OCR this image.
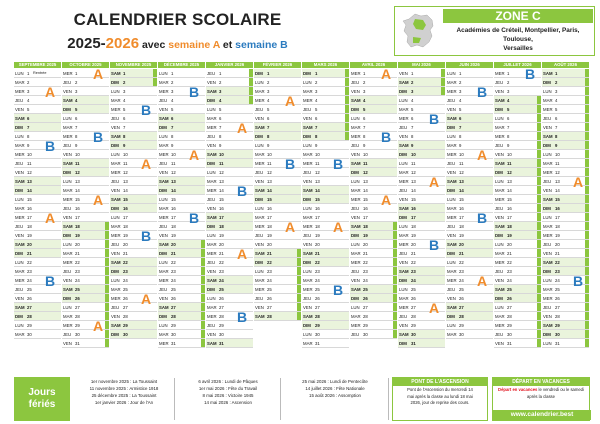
CALENDRIER SCOLAIRE
2025-2026 avec semaine A et semaine B
ZONE C
Académies de Créteil, Montpellier, Paris, Toulouse,
Versailles
SEPTEMBRE 2025
LUN 1 Rentrée
MAR 2
MER 3
JEU 4
VEN 5
SAM 6
DIM 7
LUN 8
MAR 9
MER 10
JEU 11
VEN 12
SAM 13
DIM 14
LUN 15
MAR 16
MER 17
JEU 18
VEN 19
SAM 20
DIM 21
LUN 22
MAR 23
MER 24
JEU 25
VEN 26
SAM 27
DIM 28
LUN 29
MAR 30
A
B
A
B
OCTOBRE 2025
MER 1
JEU 2
VEN 3
SAM 4
DIM 5
LUN 6
MAR 7
MER 8
JEU 9
VEN 10
SAM 11
DIM 12
LUN 13
MAR 14
MER 15
JEU 16
VEN 17
SAM 18
DIM 19
LUN 20
MAR 21
MER 22
JEU 23
VEN 24
SAM 25
DIM 26
LUN 27
MAR 28
MER 29
JEU 30
VEN 31
A
B
A
A
NOVEMBRE 2025
SAM 1
DIM 2
LUN 3
MAR 4
MER 5
JEU 6
VEN 7
SAM 8
DIM 9
LUN 10
MAR 11
MER 12
JEU 13
VEN 14
SAM 15
DIM 16
LUN 17
MAR 18
MER 19
JEU 20
VEN 21
SAM 22
DIM 23
LUN 24
MAR 25
MER 26
JEU 27
VEN 28
SAM 29
DIM 30
B
A
B
A
DÉCEMBRE 2025
LUN 1
MAR 2
MER 3
JEU 4
VEN 5
SAM 6
DIM 7
LUN 8
MAR 9
MER 10
JEU 11
VEN 12
SAM 13
DIM 14
LUN 15
MAR 16
MER 17
JEU 18
VEN 19
SAM 20
DIM 21
LUN 22
MAR 23
MER 24
JEU 25
VEN 26
SAM 27
DIM 28
LUN 29
MAR 30
MER 31
B
A
B
JANVIER 2026
JEU 1
VEN 2
SAM 3
DIM 4
LUN 5
MAR 6
MER 7
JEU 8
VEN 9
SAM 10
DIM 11
LUN 12
MAR 13
MER 14
JEU 15
VEN 16
SAM 17
DIM 18
LUN 19
MAR 20
MER 21
JEU 22
VEN 23
SAM 24
DIM 25
LUN 26
MAR 27
MER 28
JEU 29
VEN 30
SAM 31
A
B
A
B
FÉVRIER 2026
DIM 1
LUN 2
MAR 3
MER 4
JEU 5
VEN 6
SAM 7
DIM 8
LUN 9
MAR 10
MER 11
JEU 12
VEN 13
SAM 14
DIM 15
LUN 16
MAR 17
MER 18
JEU 19
VEN 20
SAM 21
DIM 22
LUN 23
MAR 24
MER 25
JEU 26
VEN 27
SAM 28
A
B
A
MARS 2026
DIM 1
LUN 2
MAR 3
MER 4
JEU 5
VEN 6
SAM 7
DIM 8
LUN 9
MAR 10
MER 11
JEU 12
VEN 13
SAM 14
DIM 15
LUN 16
MAR 17
MER 18
JEU 19
VEN 20
SAM 21
DIM 22
LUN 23
MAR 24
MER 25
JEU 26
VEN 27
SAM 28
DIM 29
LUN 30
MAR 31
B
A
B
AVRIL 2026
MER 1
JEU 2
VEN 3
SAM 4
DIM 5
LUN 6
MAR 7
MER 8
JEU 9
VEN 10
SAM 11
DIM 12
LUN 13
MAR 14
MER 15
JEU 16
VEN 17
SAM 18
DIM 19
LUN 20
MAR 21
MER 22
JEU 23
VEN 24
SAM 25
DIM 26
LUN 27
MAR 28
MER 29
JEU 30
A
B
A
MAI 2026
VEN 1
SAM 2
DIM 3
LUN 4
MAR 5
MER 6
JEU 7
VEN 8
SAM 9
DIM 10
LUN 11
MAR 12
MER 13
JEU 14
VEN 15
SAM 16
DIM 17
LUN 18
MAR 19
MER 20
JEU 21
VEN 22
SAM 23
DIM 24
LUN 25
MAR 26
MER 27
JEU 28
VEN 29
SAM 30
DIM 31
B
A
B
A
JUIN 2026
LUN 1
MAR 2
MER 3
JEU 4
VEN 5
SAM 6
DIM 7
LUN 8
MAR 9
MER 10
JEU 11
VEN 12
SAM 13
DIM 14
LUN 15
MAR 16
MER 17
JEU 18
VEN 19
SAM 20
DIM 21
LUN 22
MAR 23
MER 24
JEU 25
VEN 26
SAM 27
DIM 28
LUN 29
MAR 30
B
A
B
A
JUILLET 2026
MER 1
JEU 2
VEN 3
SAM 4
DIM 5
LUN 6
MAR 7
MER 8
JEU 9
VEN 10
SAM 11
DIM 12
LUN 13
MAR 14
MER 15
JEU 16
VEN 17
SAM 18
DIM 19
LUN 20
MAR 21
MER 22
JEU 23
VEN 24
SAM 25
DIM 26
LUN 27
MAR 28
MER 29
JEU 30
VEN 31
B
AOÛT 2026
SAM 1
DIM 2
LUN 3
MAR 4
MER 5
JEU 6
VEN 7
SAM 8
DIM 9
LUN 10
MAR 11
MER 12
JEU 13
VEN 14
SAM 15
DIM 16
LUN 17
MAR 18
MER 19
JEU 20
VEN 21
SAM 22
DIM 23
LUN 24
MAR 25
MER 26
JEU 27
VEN 28
SAM 29
DIM 30
LUN 31
A
B
Jours
fériés
1er novembre 2025 : La Toussaint
11 novembre 2025 : Armistice 1918
25 décembre 2025 : La Toussaint
1er janvier 2026 : Jour de l'An
6 avril 2026 : Lundi de Pâques
1er mai 2026 : Fête du Travail
8 mai 2026 : Victoire 1945
14 mai 2026 : Ascension
25 mai 2026 : Lundi de Pentecôte
14 juillet 2026 : Fête Nationale
15 août 2026 : Assomption
PONT DE L'ASCENSION
Pont de l'Ascension du mercredi 14
mai après la classe au lundi 18 mai
2026, jour de reprise des cours.
DÉPART EN VACANCES
Départ en vacances le vendredi ou le samedi après la classe
www.calendrier.best
